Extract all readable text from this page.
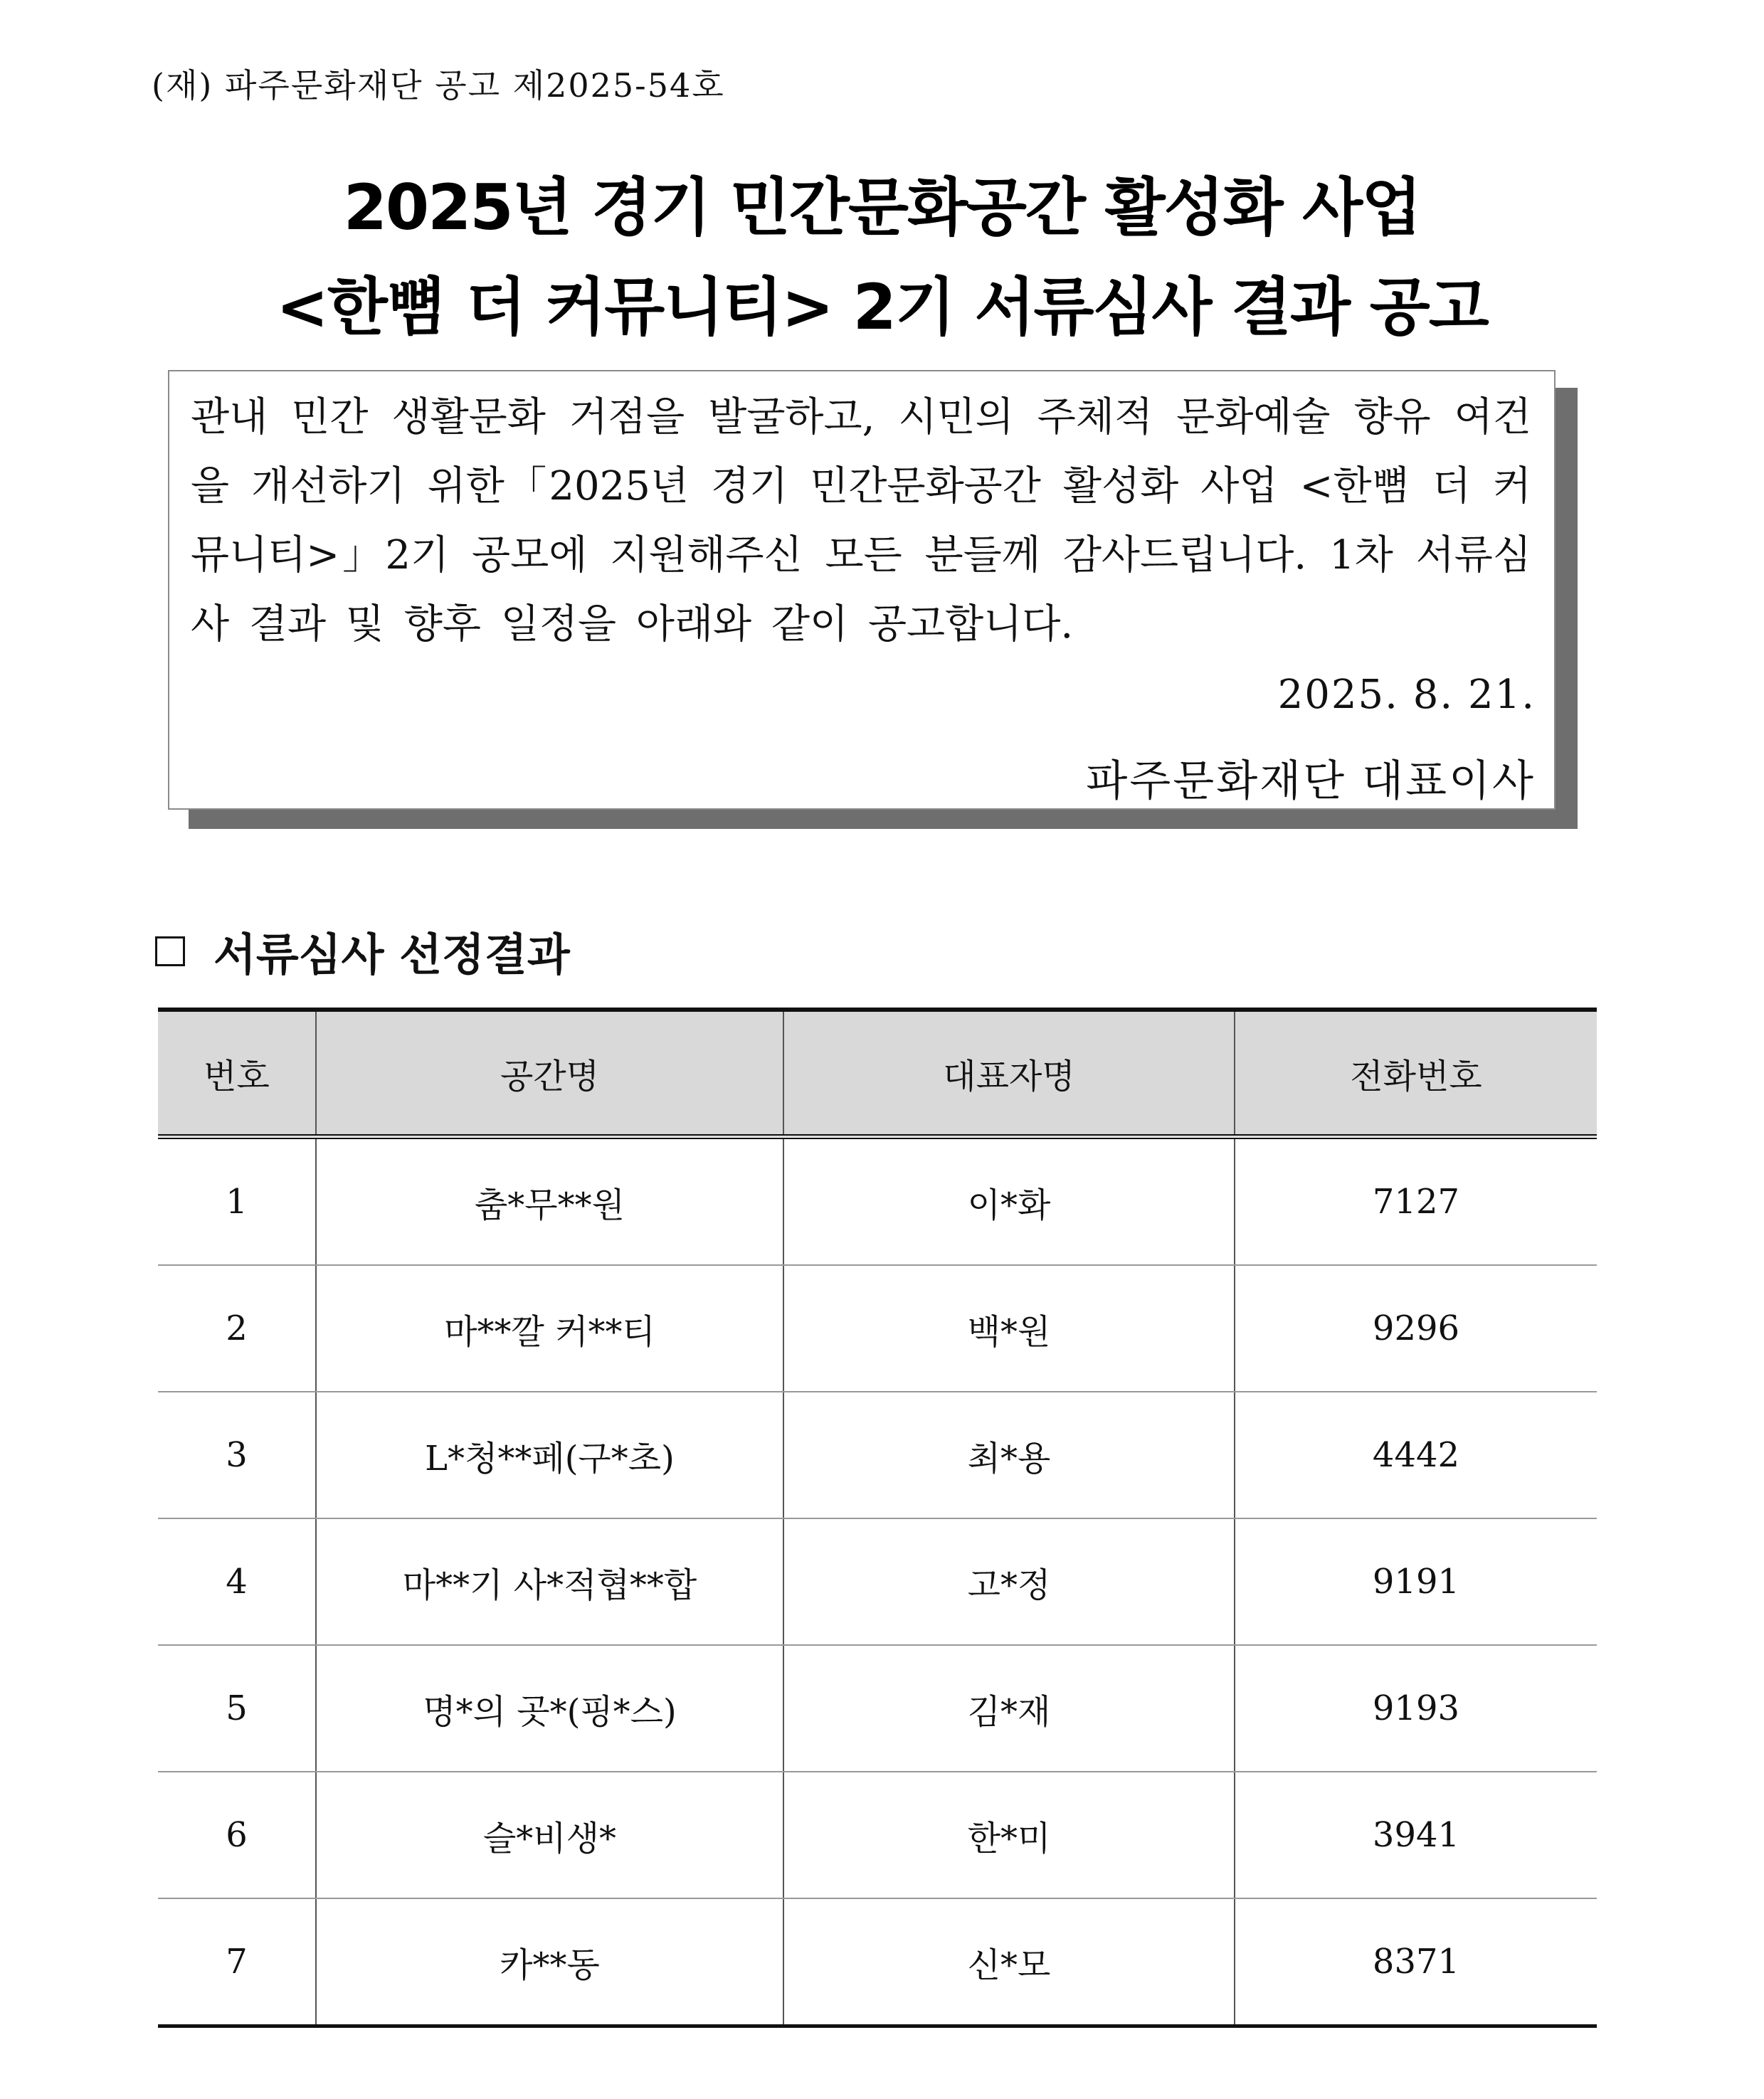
(재) 파주문화재단 공고 제2025-54호
2025년 경기 민간문화공간 활성화 사업
<한뼘 더 커뮤니티> 2기 서류심사 결과 공고
관내 민간 생활문화 거점을 발굴하고, 시민의 주체적 문화예술 향유 여건을 개선하기 위한「2025년 경기 민간문화공간 활성화 사업 <한뼘 더 커뮤니티>」2기 공모에 지원해주신 모든 분들께 감사드립니다. 1차 서류심사 결과 및 향후 일정을 아래와 같이 공고합니다.
2025. 8. 21.
파주문화재단 대표이사
서류심사 선정결과
번호	공간명	대표자명	전화번호
1	춤*무**원	이*화	7127
2	마**깔 커**티	백*원	9296
3	L*청**페(구*초)	최*용	4442
4	마**기 사*적협**합	고*정	9191
5	명*의 곳*(핑*스)	김*재	9193
6	슬*비생*	한*미	3941
7	카**동	신*모	8371
